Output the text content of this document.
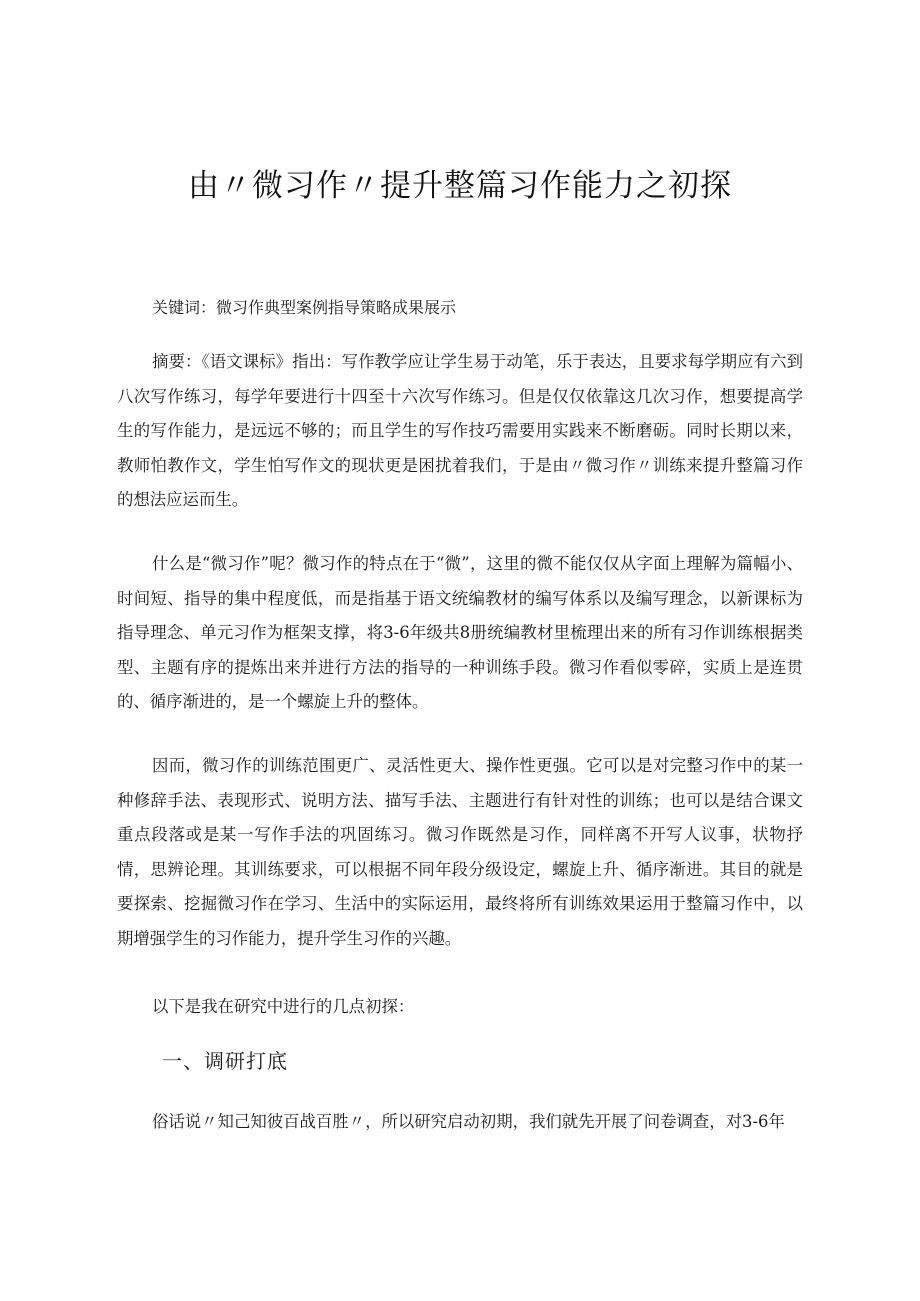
由〃微习作〃提升整篇习作能力之初探

关键词：微习作典型案例指导策略成果展示

摘要：《语文课标》指出：写作教学应让学生易于动笔，乐于表达，且要求每学期应有六到八次写作练习，每学年要进行十四至十六次写作练习。但是仅仅依靠这几次习作，想要提高学生的写作能力，是远远不够的；而且学生的写作技巧需要用实践来不断磨砺。同时长期以来，教师怕教作文，学生怕写作文的现状更是困扰着我们，于是由〃微习作〃训练来提升整篇习作的想法应运而生。

什么是“微习作”呢？微习作的特点在于“微”，这里的微不能仅仅从字面上理解为篇幅小、时间短、指导的集中程度低，而是指基于语文统编教材的编写体系以及编写理念，以新课标为指导理念、单元习作为框架支撑，将3-6年级共8册统编教材里梳理出来的所有习作训练根据类型、主题有序的提炼出来并进行方法的指导的一种训练手段。微习作看似零碎，实质上是连贯的、循序渐进的，是一个螺旋上升的整体。

因而，微习作的训练范围更广、灵活性更大、操作性更强。它可以是对完整习作中的某一种修辞手法、表现形式、说明方法、描写手法、主题进行有针对性的训练；也可以是结合课文重点段落或是某一写作手法的巩固练习。微习作既然是习作，同样离不开写人议事，状物抒情，思辨论理。其训练要求，可以根据不同年段分级设定，螺旋上升、循序渐进。其目的就是要探索、挖掘微习作在学习、生活中的实际运用，最终将所有训练效果运用于整篇习作中，以期增强学生的习作能力，提升学生习作的兴趣。

以下是我在研究中进行的几点初探：

一、调研打底

俗话说〃知己知彼百战百胜〃，所以研究启动初期，我们就先开展了问卷调查，对3-6年
